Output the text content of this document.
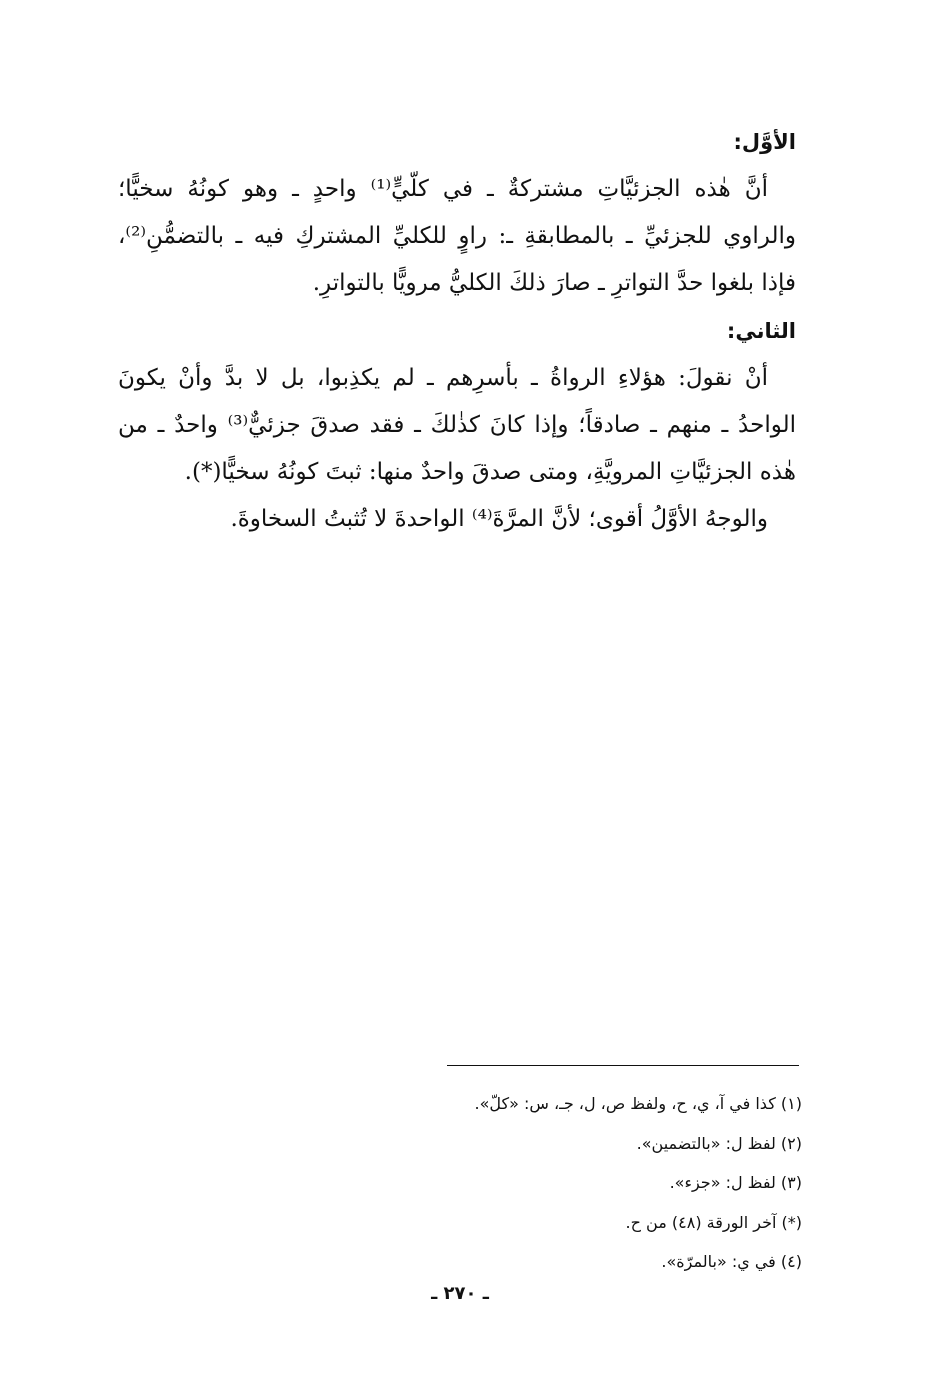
الأوَّل:

أنَّ هٰذه الجزئيَّاتِ مشتركةٌ ـ في كلّيٍّ⁽¹⁾ واحدٍ ـ وهو كونُهُ سخيًّا؛ والراوي للجزئيِّ ـ بالمطابقةِ ـ: راوٍ للكليِّ المشتركِ فيه ـ بالتضمُّنِ⁽²⁾، فإذا بلغوا حدَّ التواترِ ـ صارَ ذلكَ الكليُّ مرويًّا بالتواترِ.

الثاني:

أنْ نقولَ: هؤلاءِ الرواةُ ـ بأسرِهم ـ لم يكذِبوا، بل لا بدَّ وأنْ يكونَ الواحدُ ـ منهم ـ صادقاً؛ وإذا كانَ كذٰلكَ ـ فقد صدقَ جزئيٌّ⁽³⁾ واحدٌ ـ من هٰذه الجزئيَّاتِ المرويَّةِ، ومتى صدقَ واحدٌ منها: ثبتَ كونُهُ سخيًّا(*).

والوجهُ الأوَّلُ أقوى؛ لأنَّ المرَّةَ⁽⁴⁾ الواحدةَ لا تُثبتُ السخاوةَ.

(١) كذا في آ، ي، ح، ولفظ ص، ل، جـ، س: «كلّ».

(٢) لفظ ل: «بالتضمين».

(٣) لفظ ل: «جزء».

(*) آخر الورقة (٤٨) من ح.

(٤) في ي: «بالمرّة».

ـ ٢٧٠ ـ
